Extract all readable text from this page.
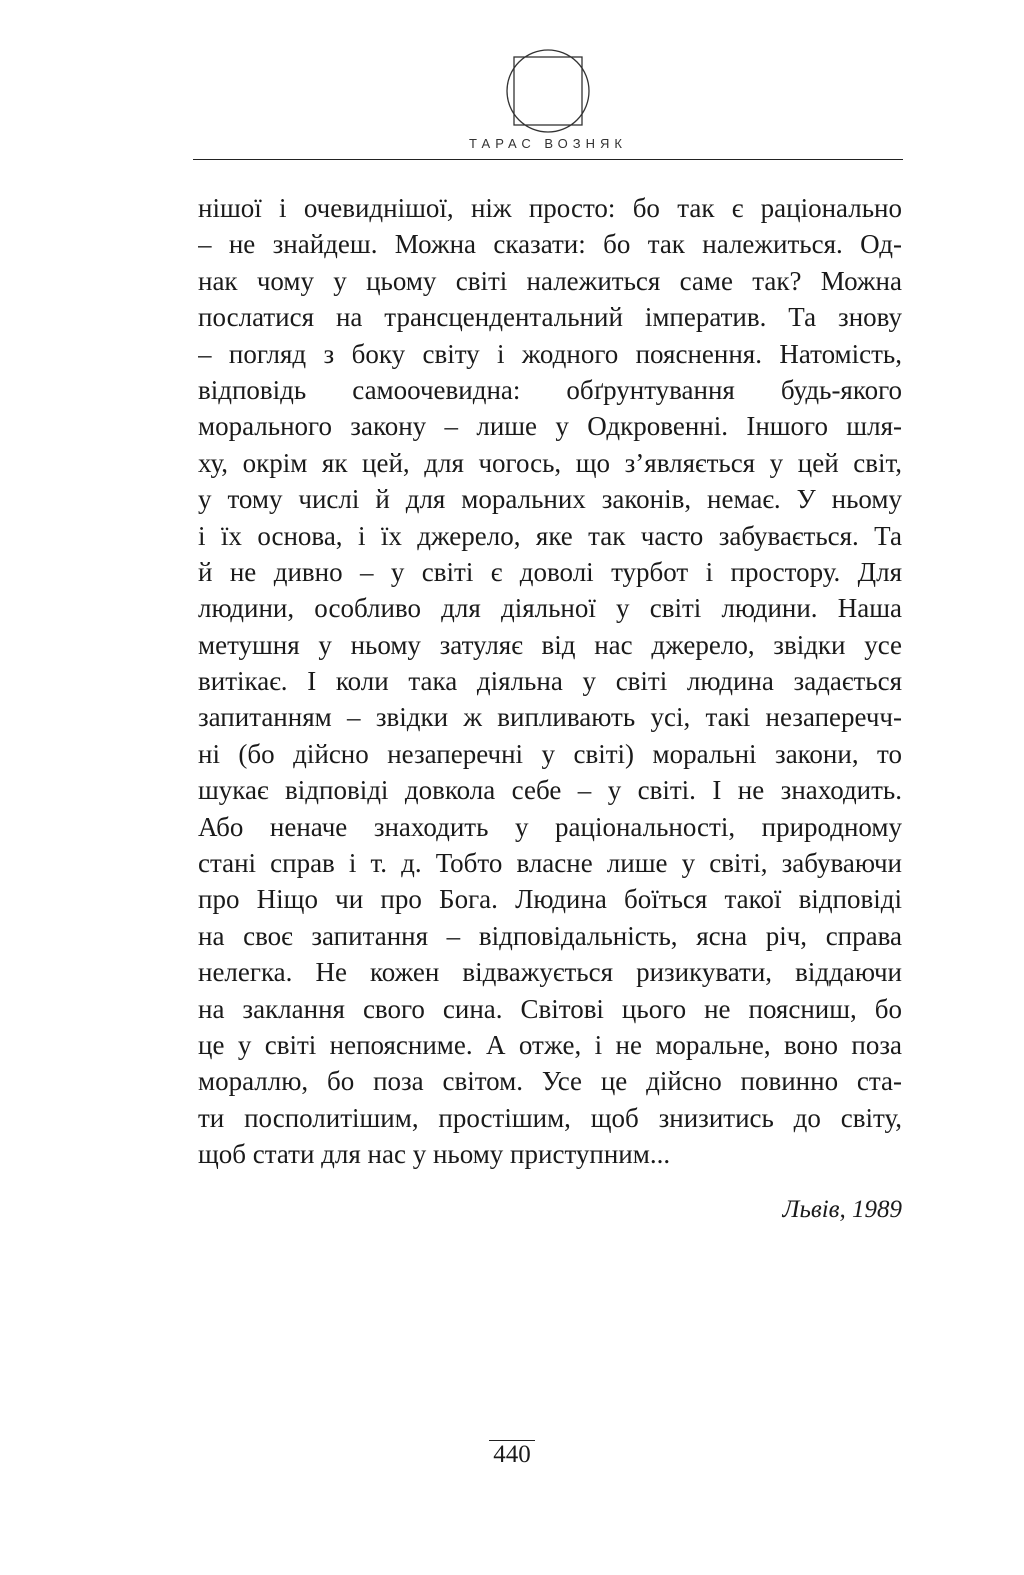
ТАРАС ВОЗНЯК
нішої і очевиднішої, ніж просто: бо так є раціонально
– не знайдеш. Можна сказати: бо так належиться. Од-
нак чому у цьому світі належиться саме так? Можна
послатися на трансцендентальний імператив. Та знову
– погляд з боку світу і жодного пояснення. Натомість,
відповідь самоочевидна: обґрунтування будь-якого
морального закону – лише у Одкровенні. Іншого шля-
ху, окрім як цей, для чогось, що з’являється у цей світ,
у тому числі й для моральних законів, немає. У ньому
і їх основа, і їх джерело, яке так часто забувається. Та
й не дивно – у світі є доволі турбот і простору. Для
людини, особливо для діяльної у світі людини. Наша
метушня у ньому затуляє від нас джерело, звідки усе
витікає. І коли така діяльна у світі людина задається
запитанням – звідки ж випливають усі, такі незаперечч-
ні (бо дійсно незаперечні у світі) моральні закони, то
шукає відповіді довкола себе – у світі. І не знаходить.
Або неначе знаходить у раціональності, природному
стані справ і т. д. Тобто власне лише у світі, забуваючи
про Ніщо чи про Бога. Людина боїться такої відповіді
на своє запитання – відповідальність, ясна річ, справа
нелегка. Не кожен відважується ризикувати, віддаючи
на заклання свого сина. Світові цього не поясниш, бо
це у світі непояснимe. А отже, і не моральне, воно поза
мораллю, бо поза світом. Усе це дійсно повинно ста-
ти посполитішим, простішим, щоб знизитись до світу,
щоб стати для нас у ньому приступним...
Львів, 1989
440
